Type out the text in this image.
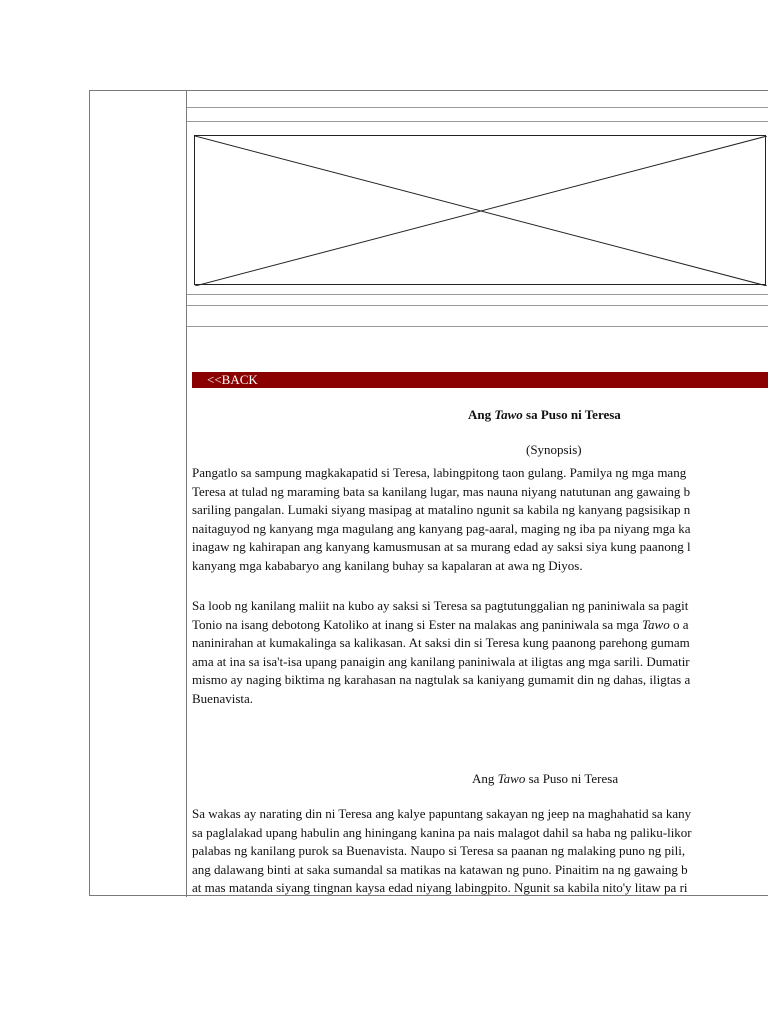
<<BACK
Ang Tawo sa Puso ni Teresa
(Synopsis)
Pangatlo sa sampung magkakapatid si Teresa, labingpitong taon gulang. Pamilya ng mga mang
Teresa at tulad ng maraming bata sa kanilang lugar, mas nauna niyang natutunan ang gawaing b
sariling pangalan. Lumaki siyang masipag at matalino ngunit sa kabila ng kanyang pagsisikap n
naitaguyod ng kanyang mga magulang ang kanyang pag-aaral, maging ng iba pa niyang mga ka
inagaw ng kahirapan ang kanyang kamusmusan at sa murang edad ay saksi siya kung paanong l
kanyang mga kababaryo ang kanilang buhay sa kapalaran at awa ng Diyos.
Sa loob ng kanilang maliit na kubo ay saksi si Teresa sa pagtutunggalian ng paniniwala sa pagit
Tonio na isang debotong Katoliko at inang si Ester na malakas ang paniniwala sa mga Tawo o a
naninirahan at kumakalinga sa kalikasan. At saksi din si Teresa kung paanong parehong gumam
ama at ina sa isa't-isa upang panaigin ang kanilang paniniwala at iligtas ang mga sarili. Dumatir
mismo ay naging biktima ng karahasan na nagtulak sa kaniyang gumamit din ng dahas, iligtas a
Buenavista.
Ang Tawo sa Puso ni Teresa
Sa wakas ay narating din ni Teresa ang kalye papuntang sakayan ng jeep na maghahatid sa kany
sa paglalakad upang habulin ang hiningang kanina pa nais malagot dahil sa haba ng paliku-likor
palabas ng kanilang purok sa Buenavista. Naupo si Teresa sa paanan ng malaking puno ng pili,
ang dalawang binti at saka sumandal sa matikas na katawan ng puno. Pinaitim na ng gawaing b
at mas matanda siyang tingnan kaysa edad niyang labingpito. Ngunit sa kabila nito'y litaw pa ri
